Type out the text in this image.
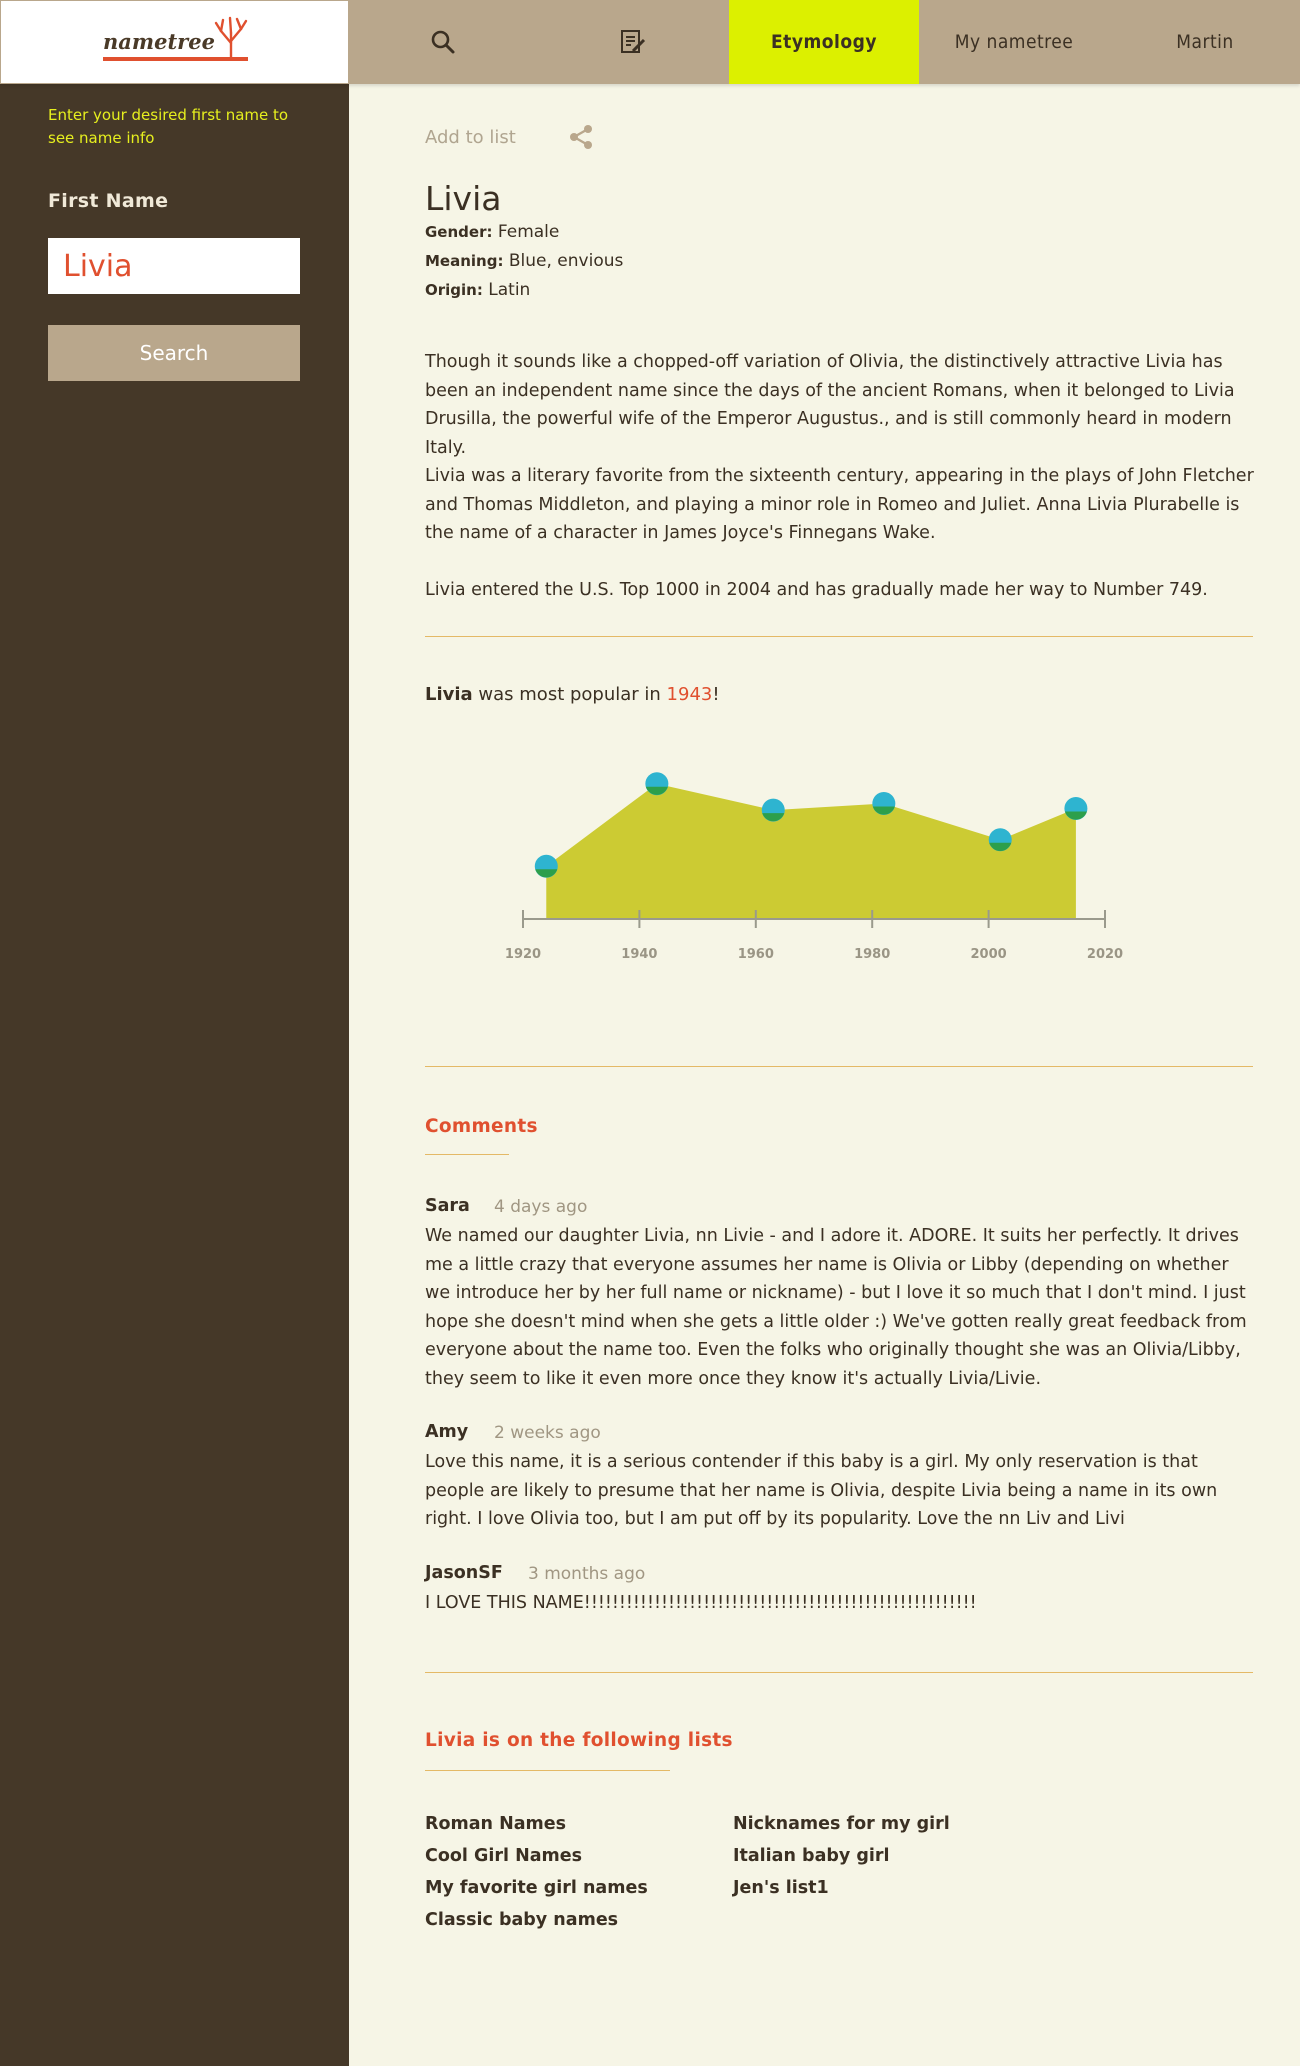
nametree	Etymology	My nametree	Martin
Enter your desired first name to see name info
First Name
Livia
Search
Add to list
Livia
Gender: Female
Meaning: Blue, envious
Origin: Latin

Though it sounds like a chopped-off variation of Olivia, the distinctively attractive Livia has been an independent name since the days of the ancient Romans, when it belonged to Livia Drusilla, the powerful wife of the Emperor Augustus., and is still commonly heard in modern Italy.

Livia was a literary favorite from the sixteenth century, appearing in the plays of John Fletcher and Thomas Middleton, and playing a minor role in Romeo and Juliet. Anna Livia Plurabelle is the name of a character in James Joyce's Finnegans Wake.

Livia entered the U.S. Top 1000 in 2004 and has gradually made her way to Number 749.

Livia was most popular in 1943!
1920	1940	1960	1980	2000	2020
Comments
Sara 4 days ago

We named our daughter Livia, nn Livie - and I adore it. ADORE. It suits her perfectly. It drives me a little crazy that everyone assumes her name is Olivia or Libby (depending on whether we introduce her by her full name or nickname) - but I love it so much that I don't mind. I just hope she doesn't mind when she gets a little older :) We've gotten really great feedback from everyone about the name too. Even the folks who originally thought she was an Olivia/Libby, they seem to like it even more once they know it's actually Livia/Livie.

Amy 2 weeks ago

Love this name, it is a serious contender if this baby is a girl. My only reservation is that people are likely to presume that her name is Olivia, despite Livia being a name in its own right. I love Olivia too, but I am put off by its popularity. Love the nn Liv and Livi

JasonSF 3 months ago

I LOVE THIS NAME!!!!!!!!!!!!!!!!!!!!!!!!!!!!!!!!!!!!!!!!!!!!!!!!!!!!!!!!

Livia is on the following lists
Roman Names
Cool Girl Names
My favorite girl names
Classic baby names
Nicknames for my girl
Italian baby girl
Jen's list1
